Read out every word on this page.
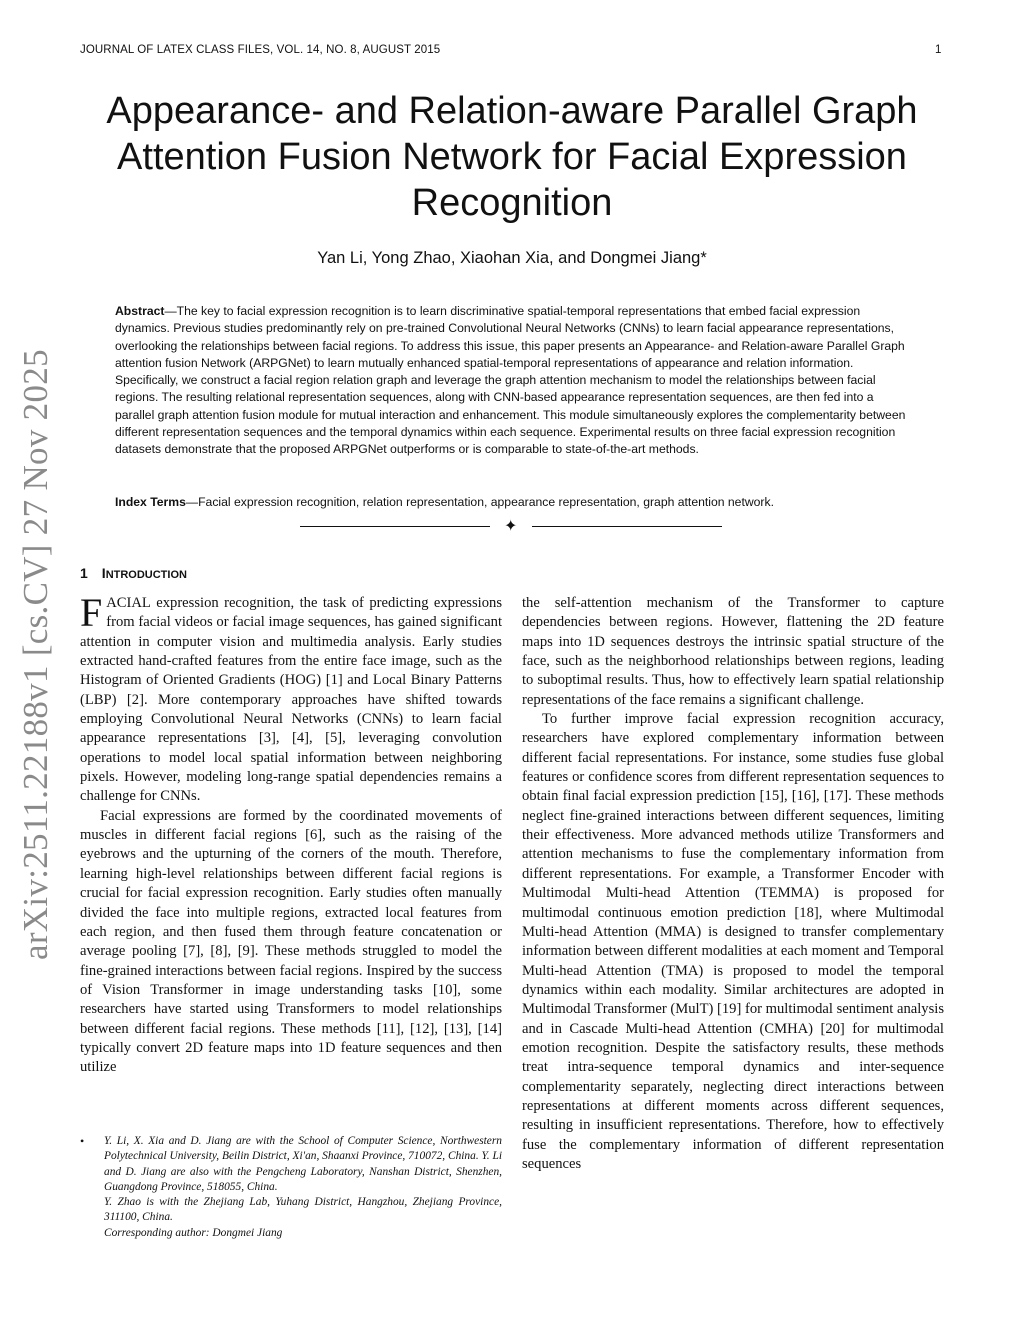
JOURNAL OF LATEX CLASS FILES, VOL. 14, NO. 8, AUGUST 2015	1
arXiv:2511.22188v1 [cs.CV] 27 Nov 2025
Appearance- and Relation-aware Parallel Graph Attention Fusion Network for Facial Expression Recognition
Yan Li, Yong Zhao, Xiaohan Xia, and Dongmei Jiang*

Abstract—The key to facial expression recognition is to learn discriminative spatial-temporal representations that embed facial expression dynamics. Previous studies predominantly rely on pre-trained Convolutional Neural Networks (CNNs) to learn facial appearance representations, overlooking the relationships between facial regions. To address this issue, this paper presents an Appearance- and Relation-aware Parallel Graph attention fusion Network (ARPGNet) to learn mutually enhanced spatial-temporal representations of appearance and relation information. Specifically, we construct a facial region relation graph and leverage the graph attention mechanism to model the relationships between facial regions. The resulting relational representation sequences, along with CNN-based appearance representation sequences, are then fed into a parallel graph attention fusion module for mutual interaction and enhancement. This module simultaneously explores the complementarity between different representation sequences and the temporal dynamics within each sequence. Experimental results on three facial expression recognition datasets demonstrate that the proposed ARPGNet outperforms or is comparable to state-of-the-art methods.

Index Terms—Facial expression recognition, relation representation, appearance representation, graph attention network.

✦
1 INTRODUCTION

FACIAL expression recognition, the task of predicting expressions from facial videos or facial image sequences, has gained significant attention in computer vision and multimedia analysis. Early studies extracted hand-crafted features from the entire face image, such as the Histogram of Oriented Gradients (HOG) [1] and Local Binary Patterns (LBP) [2]. More contemporary approaches have shifted towards employing Convolutional Neural Networks (CNNs) to learn facial appearance representations [3], [4], [5], leveraging convolution operations to model local spatial information between neighboring pixels. However, modeling long-range spatial dependencies remains a challenge for CNNs.

Facial expressions are formed by the coordinated movements of muscles in different facial regions [6], such as the raising of the eyebrows and the upturning of the corners of the mouth. Therefore, learning high-level relationships between different facial regions is crucial for facial expression recognition. Early studies often manually divided the face into multiple regions, extracted local features from each region, and then fused them through feature concatenation or average pooling [7], [8], [9]. These methods struggled to model the fine-grained interactions between facial regions. Inspired by the success of Vision Transformer in image understanding tasks [10], some researchers have started using Transformers to model relationships between different facial regions. These methods [11], [12], [13], [14] typically convert 2D feature maps into 1D feature sequences and then utilize

the self-attention mechanism of the Transformer to capture dependencies between regions. However, flattening the 2D feature maps into 1D sequences destroys the intrinsic spatial structure of the face, such as the neighborhood relationships between regions, leading to suboptimal results. Thus, how to effectively learn spatial relationship representations of the face remains a significant challenge.

To further improve facial expression recognition accuracy, researchers have explored complementary information between different facial representations. For instance, some studies fuse global features or confidence scores from different representation sequences to obtain final facial expression prediction [15], [16], [17]. These methods neglect fine-grained interactions between different sequences, limiting their effectiveness. More advanced methods utilize Transformers and attention mechanisms to fuse the complementary information from different representations. For example, a Transformer Encoder with Multimodal Multi-head Attention (TEMMA) is proposed for multimodal continuous emotion prediction [18], where Multimodal Multi-head Attention (MMA) is designed to transfer complementary information between different modalities at each moment and Temporal Multi-head Attention (TMA) is proposed to model the temporal dynamics within each modality. Similar architectures are adopted in Multimodal Transformer (MulT) [19] for multimodal sentiment analysis and in Cascade Multi-head Attention (CMHA) [20] for multimodal emotion recognition. Despite the satisfactory results, these methods treat intra-sequence temporal dynamics and inter-sequence complementarity separately, neglecting direct interactions between representations at different moments across different sequences, resulting in insufficient representations. Therefore, how to effectively fuse the complementary information of different representation sequences

• Y. Li, X. Xia and D. Jiang are with the School of Computer Science, Northwestern Polytechnical University, Beilin District, Xi'an, Shaanxi Province, 710072, China. Y. Li and D. Jiang are also with the Pengcheng Laboratory, Nanshan District, Shenzhen, Guangdong Province, 518055, China.

Y. Zhao is with the Zhejiang Lab, Yuhang District, Hangzhou, Zhejiang Province, 311100, China.

Corresponding author: Dongmei Jiang
